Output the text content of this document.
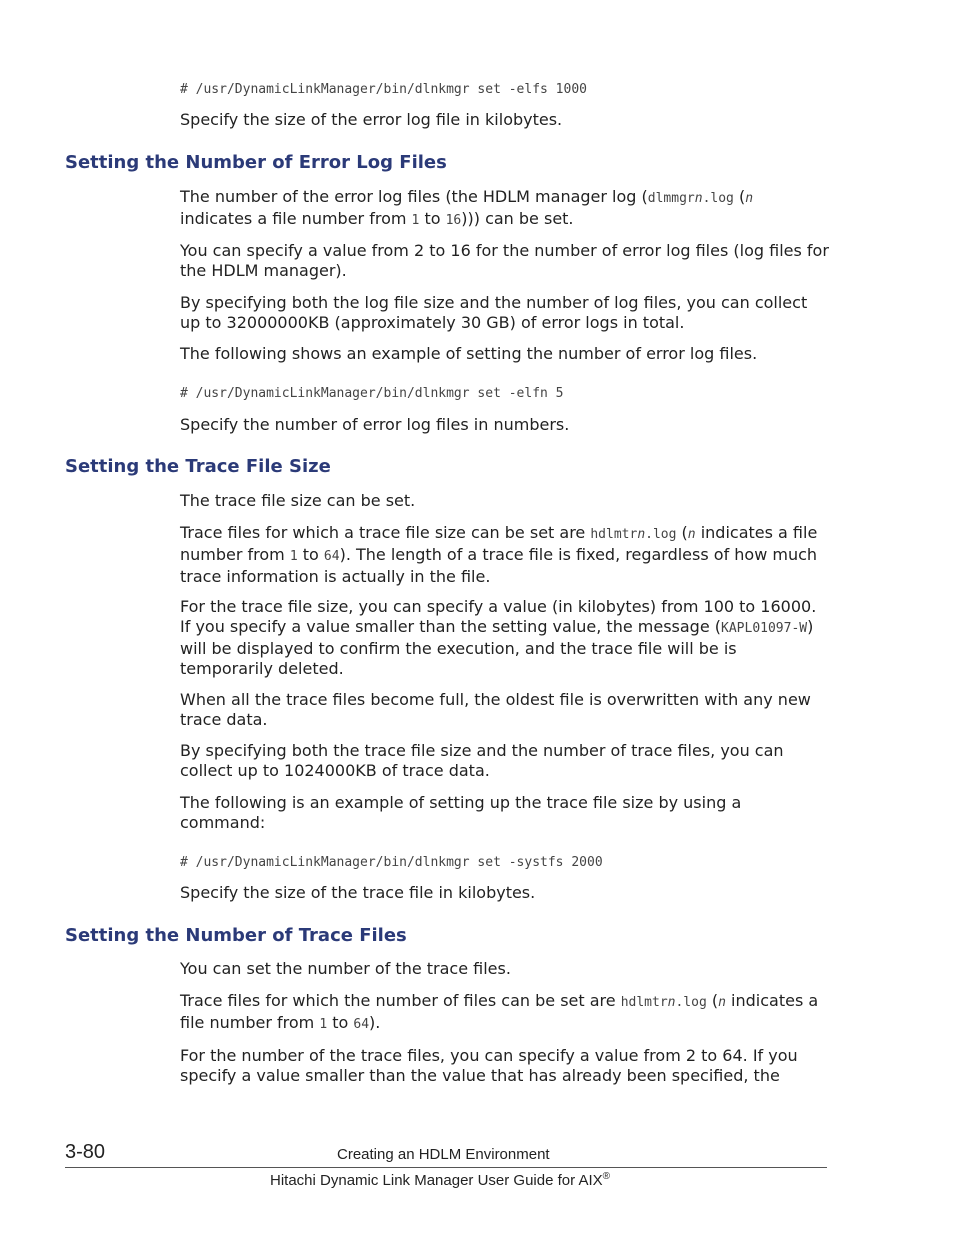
# /usr/DynamicLinkManager/bin/dlnkmgr set -elfs 1000

Specify the size of the error log file in kilobytes.

Setting the Number of Error Log Files

The number of the error log files (the HDLM manager log (dlmmgrn.log (n indicates a file number from 1 to 16))) can be set.

You can specify a value from 2 to 16 for the number of error log files (log files for the HDLM manager).

By specifying both the log file size and the number of log files, you can collect up to 32000000KB (approximately 30 GB) of error logs in total.

The following shows an example of setting the number of error log files.

# /usr/DynamicLinkManager/bin/dlnkmgr set -elfn 5

Specify the number of error log files in numbers.

Setting the Trace File Size

The trace file size can be set.

Trace files for which a trace file size can be set are hdlmtrn.log (n indicates a file number from 1 to 64). The length of a trace file is fixed, regardless of how much trace information is actually in the file.

For the trace file size, you can specify a value (in kilobytes) from 100 to 16000. If you specify a value smaller than the setting value, the message (KAPL01097-W) will be displayed to confirm the execution, and the trace file will be is temporarily deleted.

When all the trace files become full, the oldest file is overwritten with any new trace data.

By specifying both the trace file size and the number of trace files, you can collect up to 1024000KB of trace data.

The following is an example of setting up the trace file size by using a command:

# /usr/DynamicLinkManager/bin/dlnkmgr set -systfs 2000

Specify the size of the trace file in kilobytes.

Setting the Number of Trace Files

You can set the number of the trace files.

Trace files for which the number of files can be set are hdlmtrn.log (n indicates a file number from 1 to 64).

For the number of the trace files, you can specify a value from 2 to 64. If you specify a value smaller than the value that has already been specified, the

3-80	Creating an HDLM Environment
Hitachi Dynamic Link Manager User Guide for AIX®
